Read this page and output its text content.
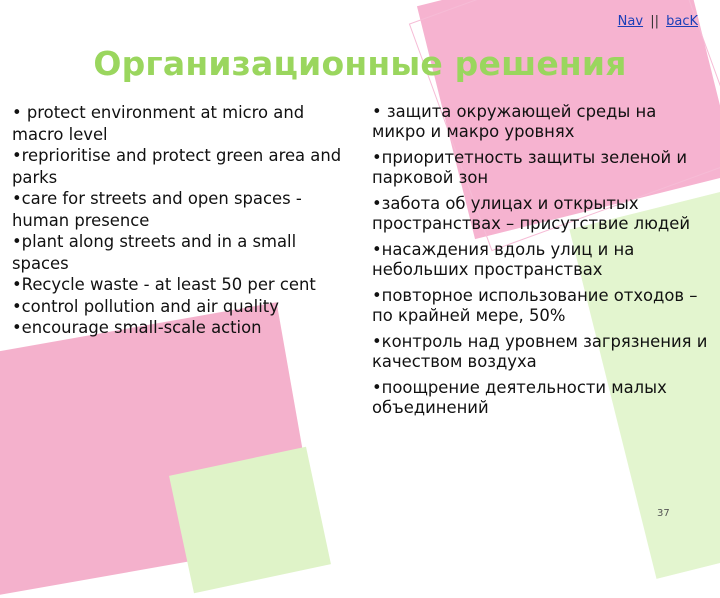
Nav || bacK
Организационные решения

• protect environment at micro and macro level

•reprioritise and protect green area and parks

•care for streets and open spaces - human presence

•plant along streets and in a small spaces

•Recycle waste - at least 50 per cent

•control pollution and air quality

•encourage small-scale action

• защита окружающей среды на микро и макро уровнях

•приоритетность защиты зеленой и парковой зон

•забота об улицах и открытых пространствах – присутствие людей

•насаждения вдоль улиц и на небольших пространствах

•повторное использование отходов – по крайней мере, 50%

•контроль над уровнем загрязнения и качеством воздуха

•поощрение деятельности малых объединений

37
